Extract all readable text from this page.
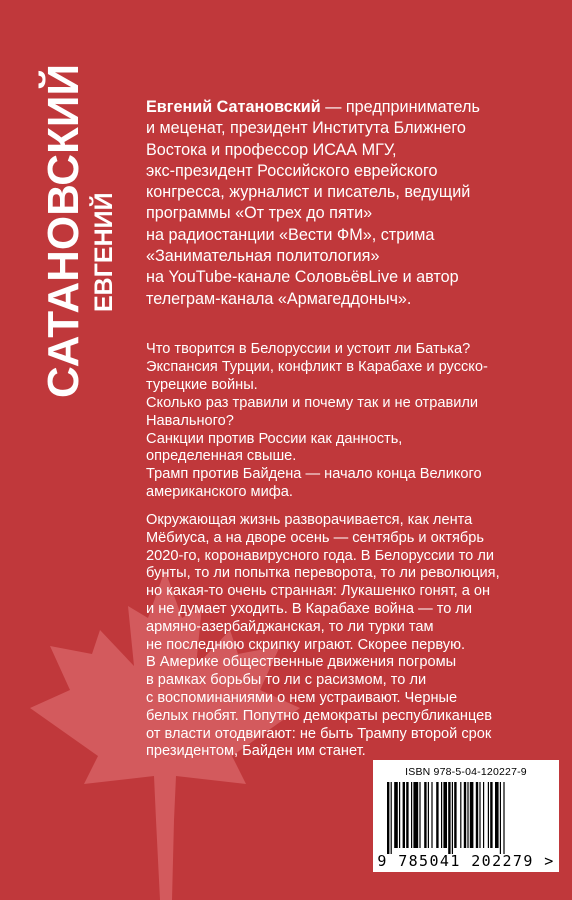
САТАНОВСКИЙ ЕВГЕНИЙ

Евгений Сатановский — предприниматель
и меценат, президент Института Ближнего
Востока и профессор ИСАА МГУ,
экс-президент Российского еврейского
конгресса, журналист и писатель, ведущий
программы «От трех до пяти»
на радиостанции «Вести ФМ», стрима
«Занимательная политология»
на YouTube-канале СоловьёвLive и автор
телеграм-канала «Армагеддоныч».

Что творится в Белоруссии и устоит ли Батька?
Экспансия Турции, конфликт в Карабахе и русско-
турецкие войны.
Сколько раз травили и почему так и не отравили
Навального?
Санкции против России как данность,
определенная свыше.
Трамп против Байдена — начало конца Великого
американского мифа.

Окружающая жизнь разворачивается, как лента
Мёбиуса, а на дворе осень — сентябрь и октябрь
2020-го, коронавирусного года. В Белоруссии то ли
бунты, то ли попытка переворота, то ли революция,
но какая-то очень странная: Лукашенко гонят, а он
и не думает уходить. В Карабахе война — то ли
армяно-азербайджанская, то ли турки там
не последнюю скрипку играют. Скорее первую.
В Америке общественные движения погромы
в рамках борьбы то ли с расизмом, то ли
с воспоминаниями о нем устраивают. Черные
белых гнобят. Попутно демократы республиканцев
от власти отодвигают: не быть Трампу второй срок
президентом, Байден им станет.

ISBN 978-5-04-120227-9
9 785041 202279 >
